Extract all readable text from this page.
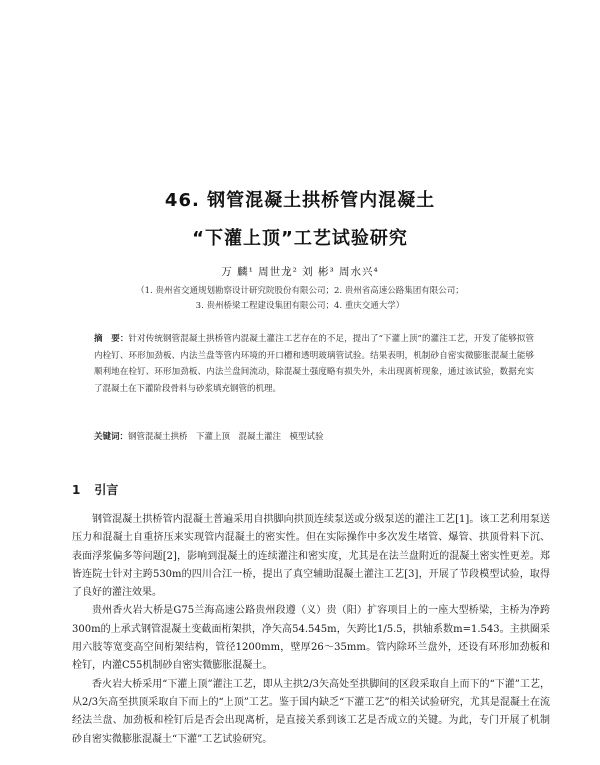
46. 钢管混凝土拱桥管内混凝土
“下灌上顶”工艺试验研究
万 麟¹ 周世龙² 刘 彬³ 周水兴⁴
（1. 贵州省交通规划勘察设计研究院股份有限公司；2. 贵州省高速公路集团有限公司；
3. 贵州桥梁工程建设集团有限公司；4. 重庆交通大学）
摘　要：针对传统钢管混凝土拱桥管内混凝土灌注工艺存在的不足，提出了“下灌上顶”的灌注工艺，开发了能够拟管内栓钉、环形加劲板、内法兰盘等管内环境的开口槽和透明玻璃管试验。结果表明，机制砂自密实微膨胀混凝土能够顺利地在栓钉、环形加劲板、内法兰盘间流动，除混凝土强度略有损失外，未出现离析现象，通过该试验，数据充实了混凝土在下灌阶段骨料与砂浆填充钢管的机理。
关键词：钢管混凝土拱桥　下灌上顶　混凝土灌注　模型试验
1 引言

钢管混凝土拱桥管内混凝土普遍采用自拱脚向拱顶连续泵送或分级泵送的灌注工艺[1]。该工艺利用泵送压力和混凝土自重挤压来实现管内混凝土的密实性。但在实际操作中多次发生堵管、爆管、拱顶骨料下沉、表面浮浆偏多等问题[2]，影响到混凝土的连续灌注和密实度，尤其是在法兰盘附近的混凝土密实性更差。郑皆连院士针对主跨530m的四川合江一桥，提出了真空辅助混凝土灌注工艺[3]，开展了节段模型试验，取得了良好的灌注效果。

贵州香火岩大桥是G75兰海高速公路贵州段遵（义）贵（阳）扩容项目上的一座大型桥梁，主桥为净跨300m的上承式钢管混凝土变截面桁架拱，净矢高54.545m，矢跨比1/5.5，拱轴系数m=1.543。主拱圈采用六肢等宽变高空间桁架结构，管径1200mm，壁厚26～35mm。管内除环兰盘外，还设有环形加劲板和栓钉，内灌C55机制砂自密实微膨胀混凝土。

香火岩大桥采用“下灌上顶”灌注工艺，即从主拱2/3矢高处至拱脚间的区段采取自上而下的“下灌”工艺，从2/3矢高至拱顶采取自下而上的“上顶”工艺。鉴于国内缺乏“下灌工艺”的相关试验研究，尤其是混凝土在流经法兰盘、加劲板和栓钉后是否会出现离析，是直接关系到该工艺是否成立的关键。为此，专门开展了机制砂自密实微膨胀混凝土“下灌”工艺试验研究。
